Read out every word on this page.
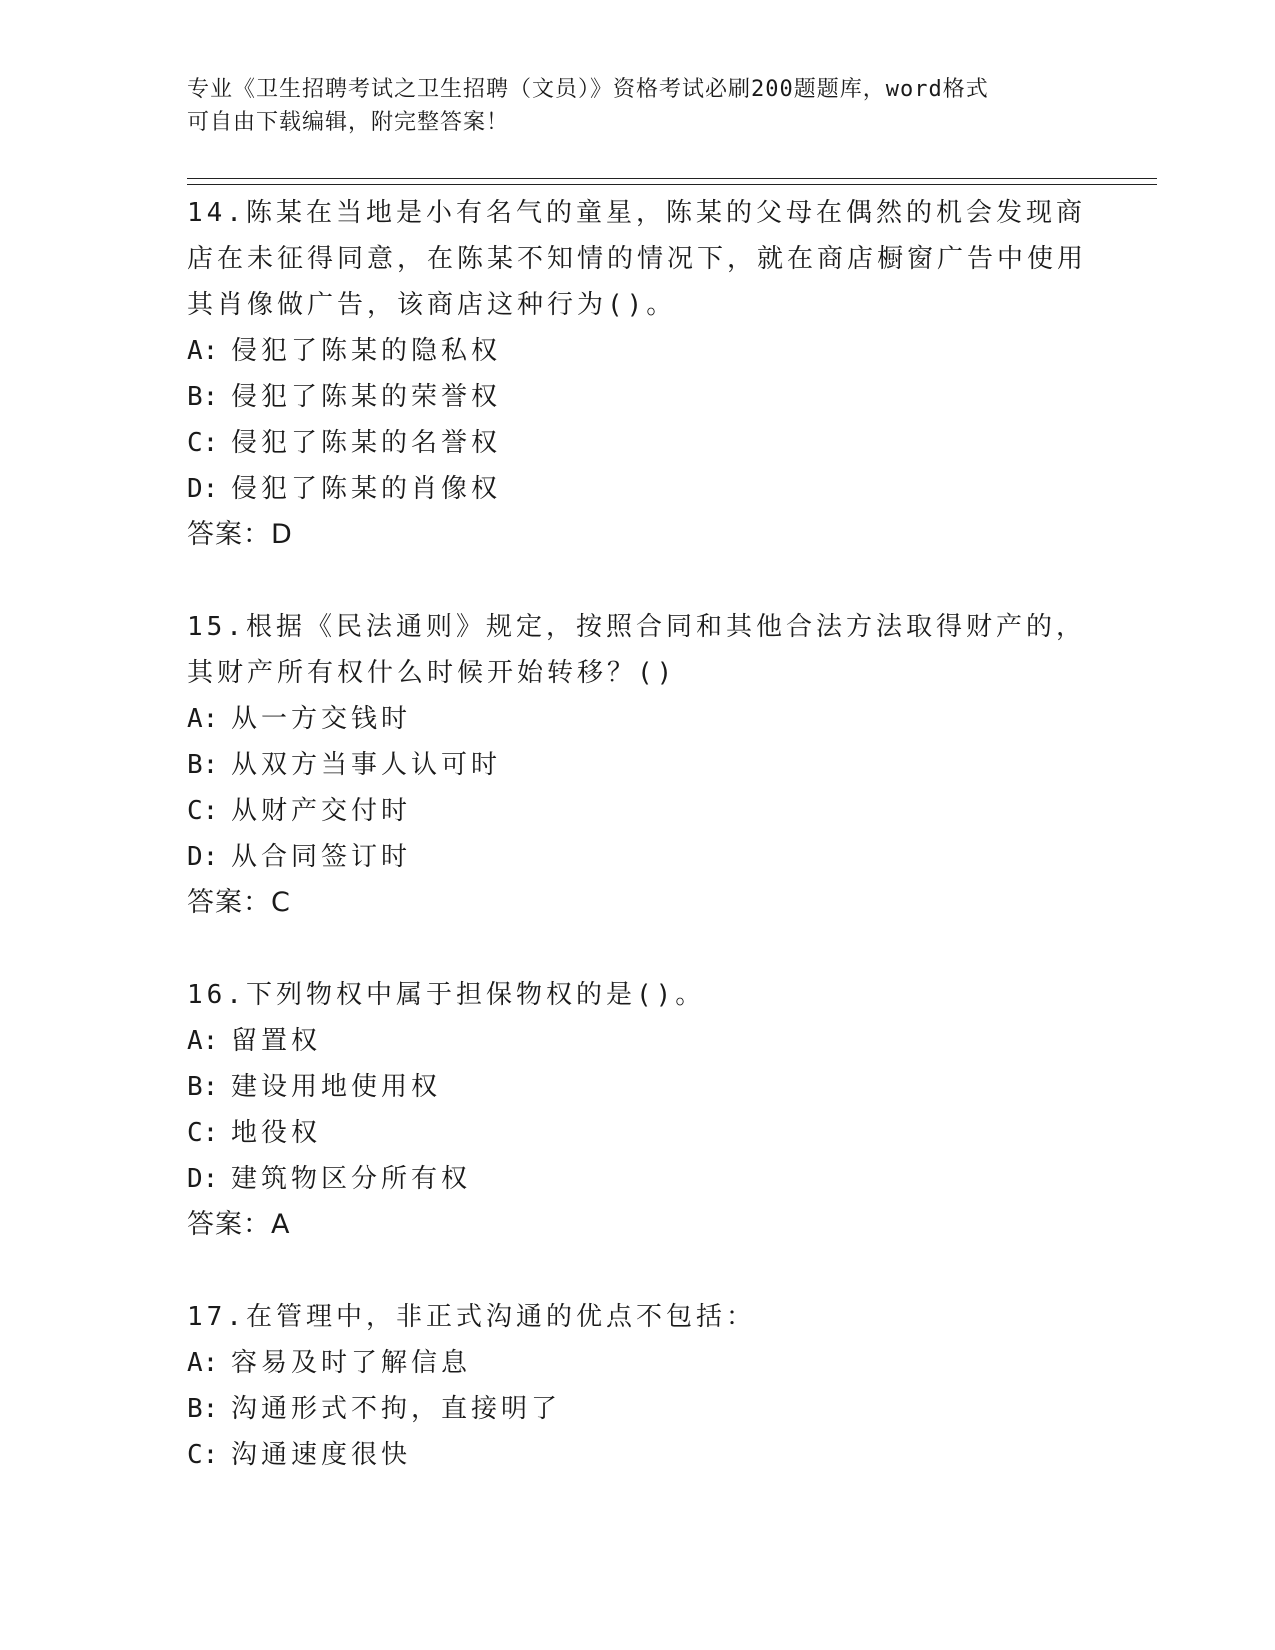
专业《卫生招聘考试之卫生招聘（文员）》资格考试必刷200题题库，word格式
可自由下载编辑，附完整答案！

14.陈某在当地是小有名气的童星，陈某的父母在偶然的机会发现商店在未征得同意，在陈某不知情的情况下，就在商店橱窗广告中使用其肖像做广告，该商店这种行为()。

A: 侵犯了陈某的隐私权
B: 侵犯了陈某的荣誉权
C: 侵犯了陈某的名誉权
D: 侵犯了陈某的肖像权

答案：D

15.根据《民法通则》规定，按照合同和其他合法方法取得财产的，其财产所有权什么时候开始转移？()

A: 从一方交钱时
B: 从双方当事人认可时
C: 从财产交付时
D: 从合同签订时

答案：C

16.下列物权中属于担保物权的是()。

A: 留置权
B: 建设用地使用权
C: 地役权
D: 建筑物区分所有权

答案：A

17.在管理中，非正式沟通的优点不包括：

A: 容易及时了解信息
B: 沟通形式不拘，直接明了
C: 沟通速度很快
